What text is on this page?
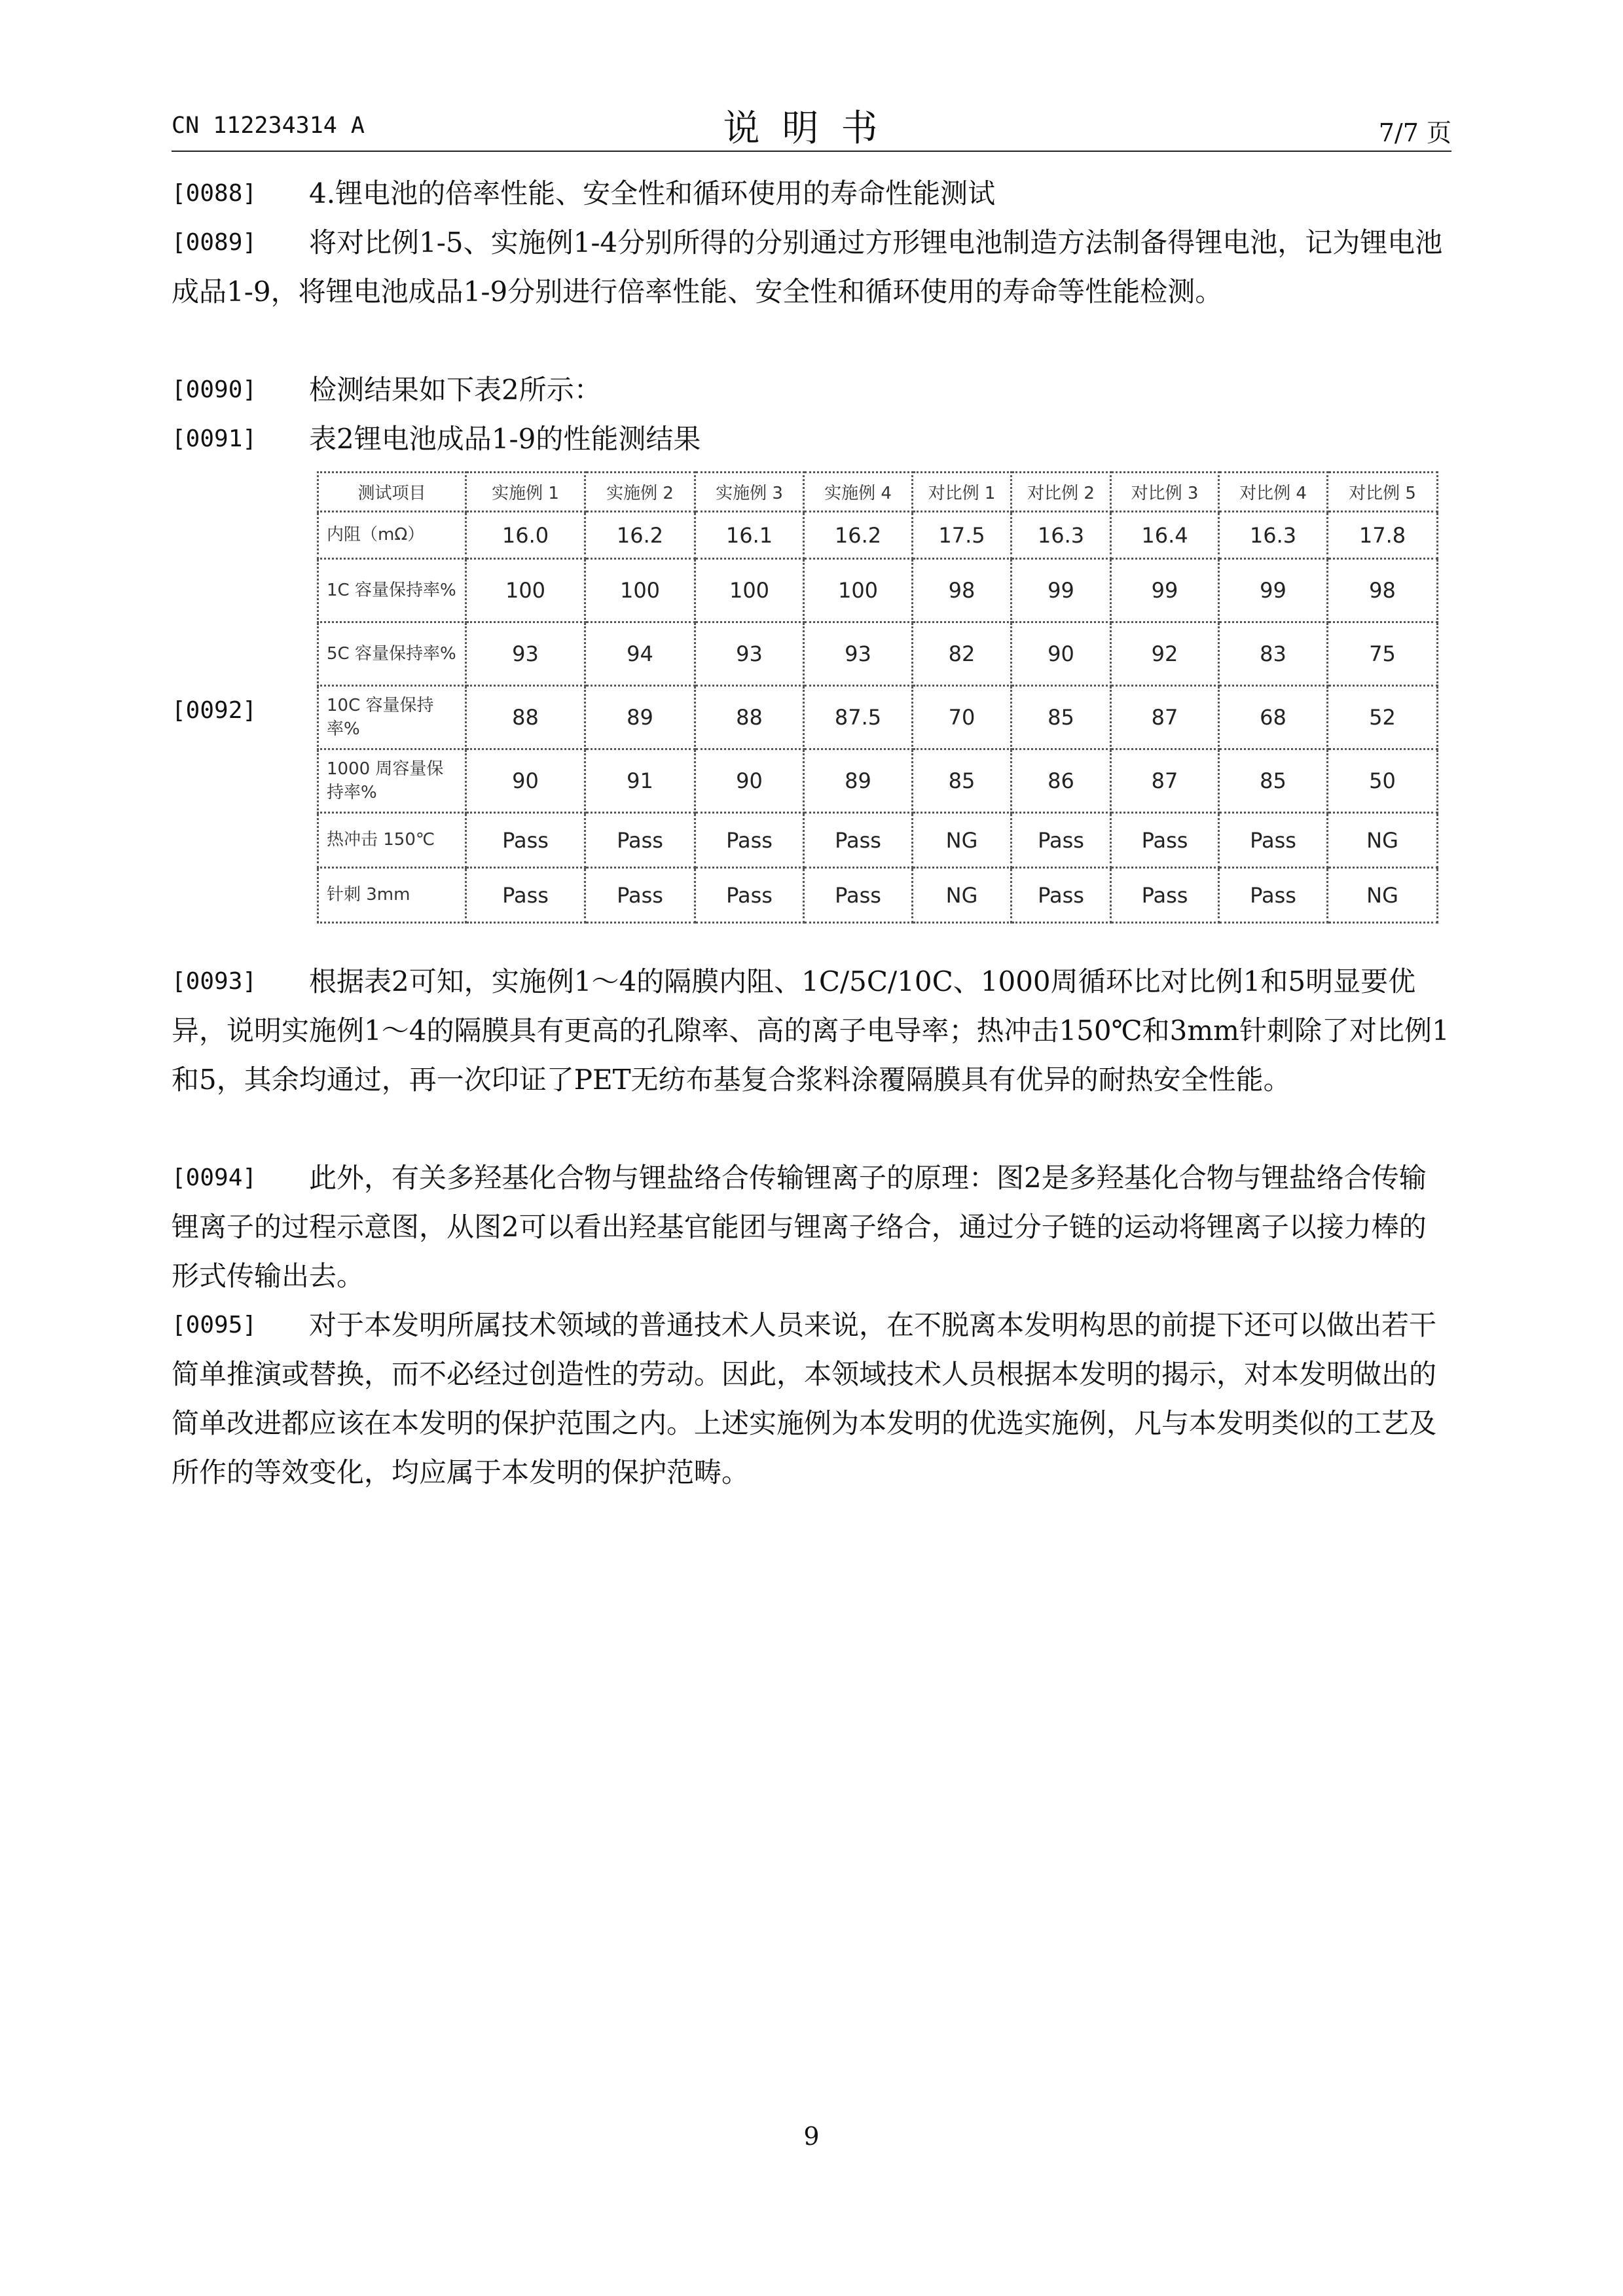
CN 112234314 A	说明书	7/7 页
[0088]	4.锂电池的倍率性能、安全性和循环使用的寿命性能测试
[0089]	将对比例1-5、实施例1-4分别所得的分别通过方形锂电池制造方法制备得锂电池，记为锂电池成品1-9，将锂电池成品1-9分别进行倍率性能、安全性和循环使用的寿命等性能检测。
[0090]	检测结果如下表2所示：
[0091]	表2锂电池成品1-9的性能测结果
[0092]
测试项目	实施例 1	实施例 2	实施例 3	实施例 4	对比例 1	对比例 2	对比例 3	对比例 4	对比例 5
内阻（mΩ）	16.0	16.2	16.1	16.2	17.5	16.3	16.4	16.3	17.8
1C 容量保持率%	100	100	100	100	98	99	99	99	98
5C 容量保持率%	93	94	93	93	82	90	92	83	75
10C 容量保持率%	88	89	88	87.5	70	85	87	68	52
1000 周容量保持率%	90	91	90	89	85	86	87	85	50
热冲击 150℃	Pass	Pass	Pass	Pass	NG	Pass	Pass	Pass	NG
针刺 3mm	Pass	Pass	Pass	Pass	NG	Pass	Pass	Pass	NG
[0093]	根据表2可知，实施例1～4的隔膜内阻、1C/5C/10C、1000周循环比对比例1和5明显要优异，说明实施例1～4的隔膜具有更高的孔隙率、高的离子电导率；热冲击150℃和3mm针刺除了对比例1和5，其余均通过，再一次印证了PET无纺布基复合浆料涂覆隔膜具有优异的耐热安全性能。
[0094]	此外，有关多羟基化合物与锂盐络合传输锂离子的原理：图2是多羟基化合物与锂盐络合传输锂离子的过程示意图，从图2可以看出羟基官能团与锂离子络合，通过分子链的运动将锂离子以接力棒的形式传输出去。
[0095]	对于本发明所属技术领域的普通技术人员来说，在不脱离本发明构思的前提下还可以做出若干简单推演或替换，而不必经过创造性的劳动。因此，本领域技术人员根据本发明的揭示，对本发明做出的简单改进都应该在本发明的保护范围之内。上述实施例为本发明的优选实施例，凡与本发明类似的工艺及所作的等效变化，均应属于本发明的保护范畴。
9
